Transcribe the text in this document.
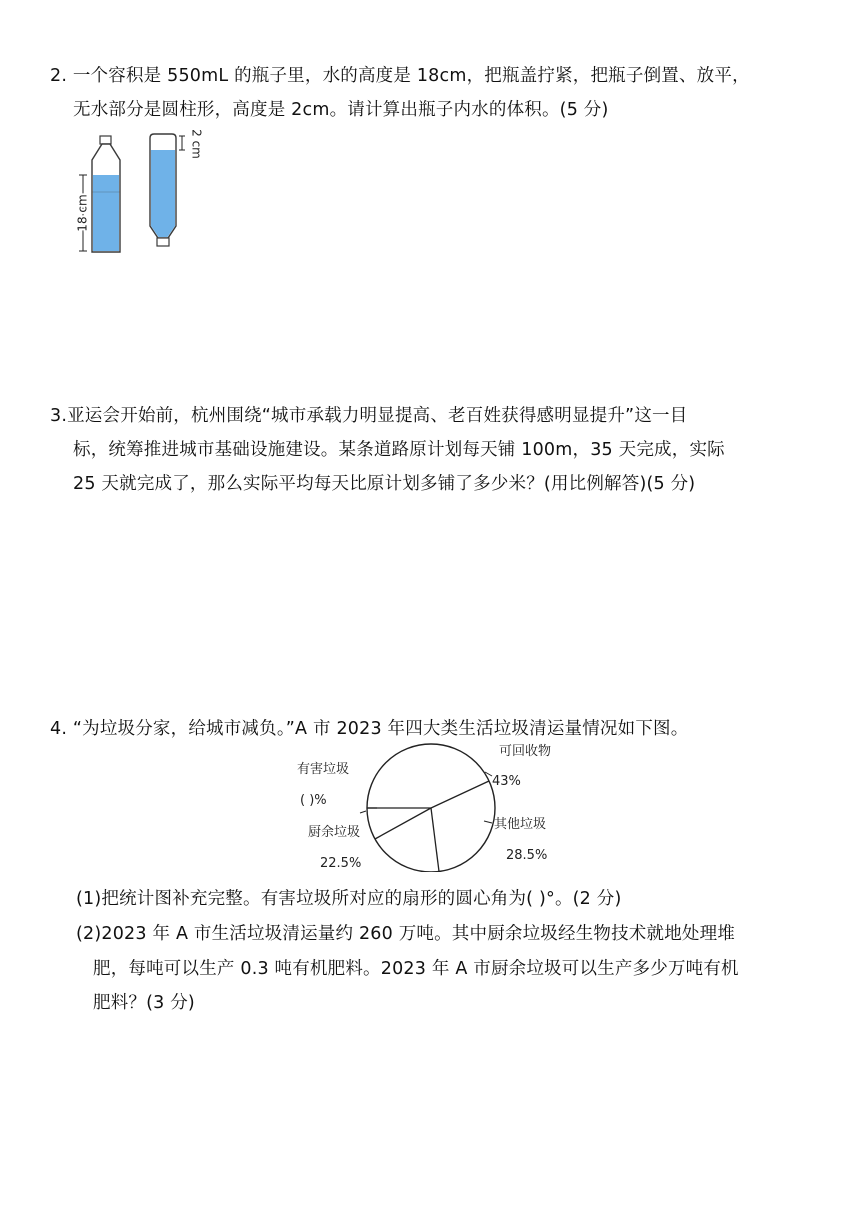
2. 一个容积是 550mL 的瓶子里，水的高度是 18cm，把瓶盖拧紧，把瓶子倒置、放平，
无水部分是圆柱形，高度是 2cm。请计算出瓶子内水的体积。(5 分)
18 cm
2 cm
3.亚运会开始前，杭州围绕“城市承载力明显提高、老百姓获得感明显提升”这一目
标，统筹推进城市基础设施建设。某条道路原计划每天铺 100m，35 天完成，实际
25 天就完成了，那么实际平均每天比原计划多铺了多少米？(用比例解答)(5 分)
4. “为垃圾分家，给城市减负。”A 市 2023 年四大类生活垃圾清运量情况如下图。
可回收物
43%
其他垃圾
28.5%
厨余垃圾
22.5%
有害垃圾
( )%
(1)把统计图补充完整。有害垃圾所对应的扇形的圆心角为( )°。(2 分)
(2)2023 年 A 市生活垃圾清运量约 260 万吨。其中厨余垃圾经生物技术就地处理堆
肥，每吨可以生产 0.3 吨有机肥料。2023 年 A 市厨余垃圾可以生产多少万吨有机
肥料？(3 分)
